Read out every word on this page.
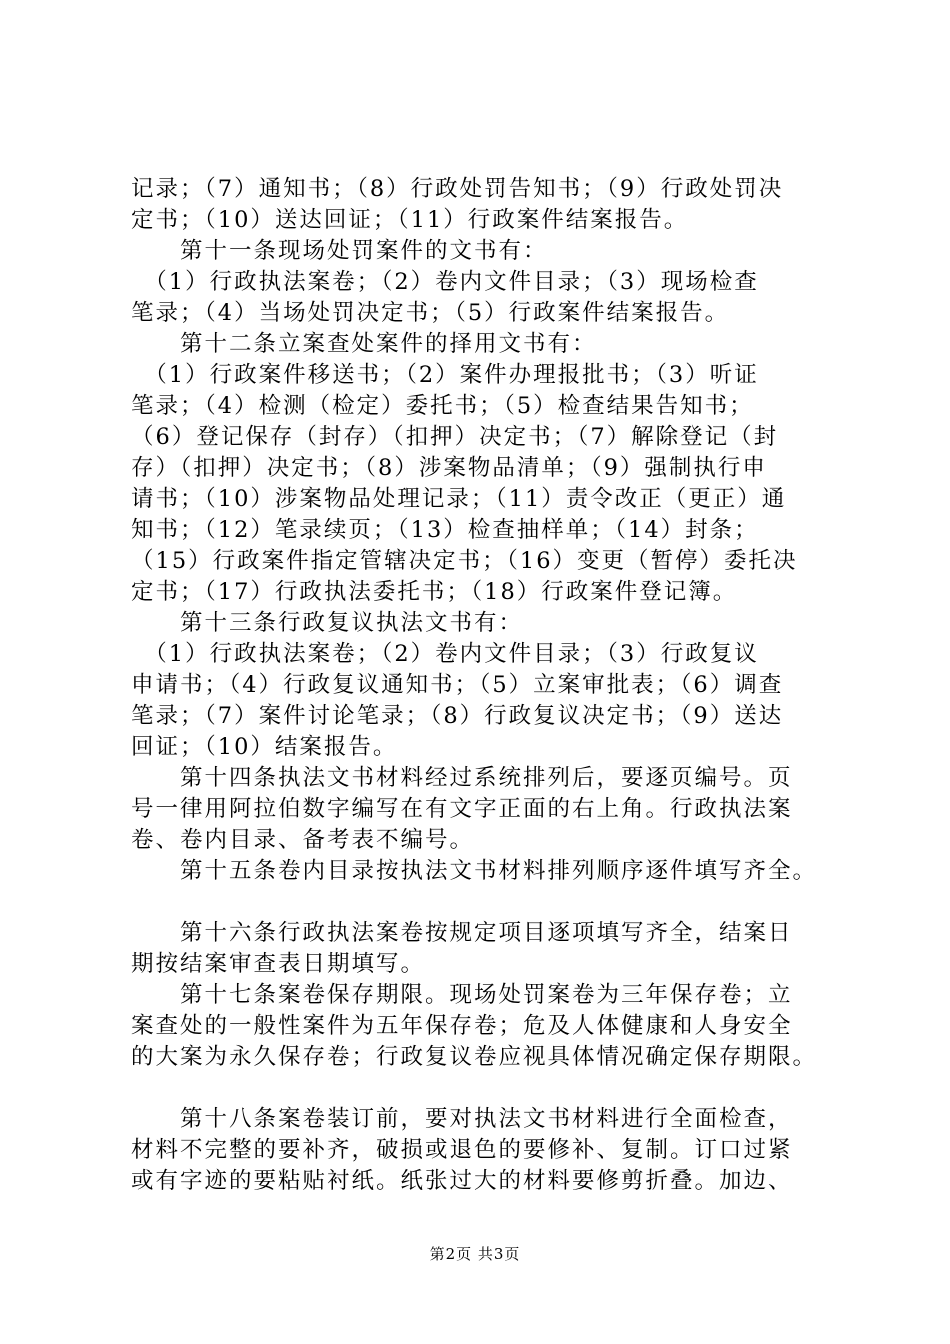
记录；（7）通知书；（8）行政处罚告知书；（9）行政处罚决
定书；（10）送达回证；（11）行政案件结案报告。
　　第十一条现场处罚案件的文书有：
　（1）行政执法案卷；（2）卷内文件目录；（3）现场检查
笔录；（4）当场处罚决定书；（5）行政案件结案报告。
　　第十二条立案查处案件的择用文书有：
　（1）行政案件移送书；（2）案件办理报批书；（3）听证
笔录；（4）检测（检定）委托书；（5）检查结果告知书；
（6）登记保存（封存）（扣押）决定书；（7）解除登记（封
存）（扣押）决定书；（8）涉案物品清单；（9）强制执行申
请书；（10）涉案物品处理记录；（11）责令改正（更正）通
知书；（12）笔录续页；（13）检查抽样单；（14）封条；
（15）行政案件指定管辖决定书；（16）变更（暂停）委托决
定书；（17）行政执法委托书；（18）行政案件登记簿。
　　第十三条行政复议执法文书有：
　（1）行政执法案卷；（2）卷内文件目录；（3）行政复议
申请书；（4）行政复议通知书；（5）立案审批表；（6）调查
笔录；（7）案件讨论笔录；（8）行政复议决定书；（9）送达
回证；（10）结案报告。
　　第十四条执法文书材料经过系统排列后，要逐页编号。页
号一律用阿拉伯数字编写在有文字正面的右上角。行政执法案
卷、卷内目录、备考表不编号。
　　第十五条卷内目录按执法文书材料排列顺序逐件填写齐全。
　　第十六条行政执法案卷按规定项目逐项填写齐全，结案日
期按结案审查表日期填写。
　　第十七条案卷保存期限。现场处罚案卷为三年保存卷；立
案查处的一般性案件为五年保存卷；危及人体健康和人身安全
的大案为永久保存卷；行政复议卷应视具体情况确定保存期限。
　　第十八条案卷装订前，要对执法文书材料进行全面检查，
材料不完整的要补齐，破损或退色的要修补、复制。订口过紧
或有字迹的要粘贴衬纸。纸张过大的材料要修剪折叠。加边、
第2页 共3页
